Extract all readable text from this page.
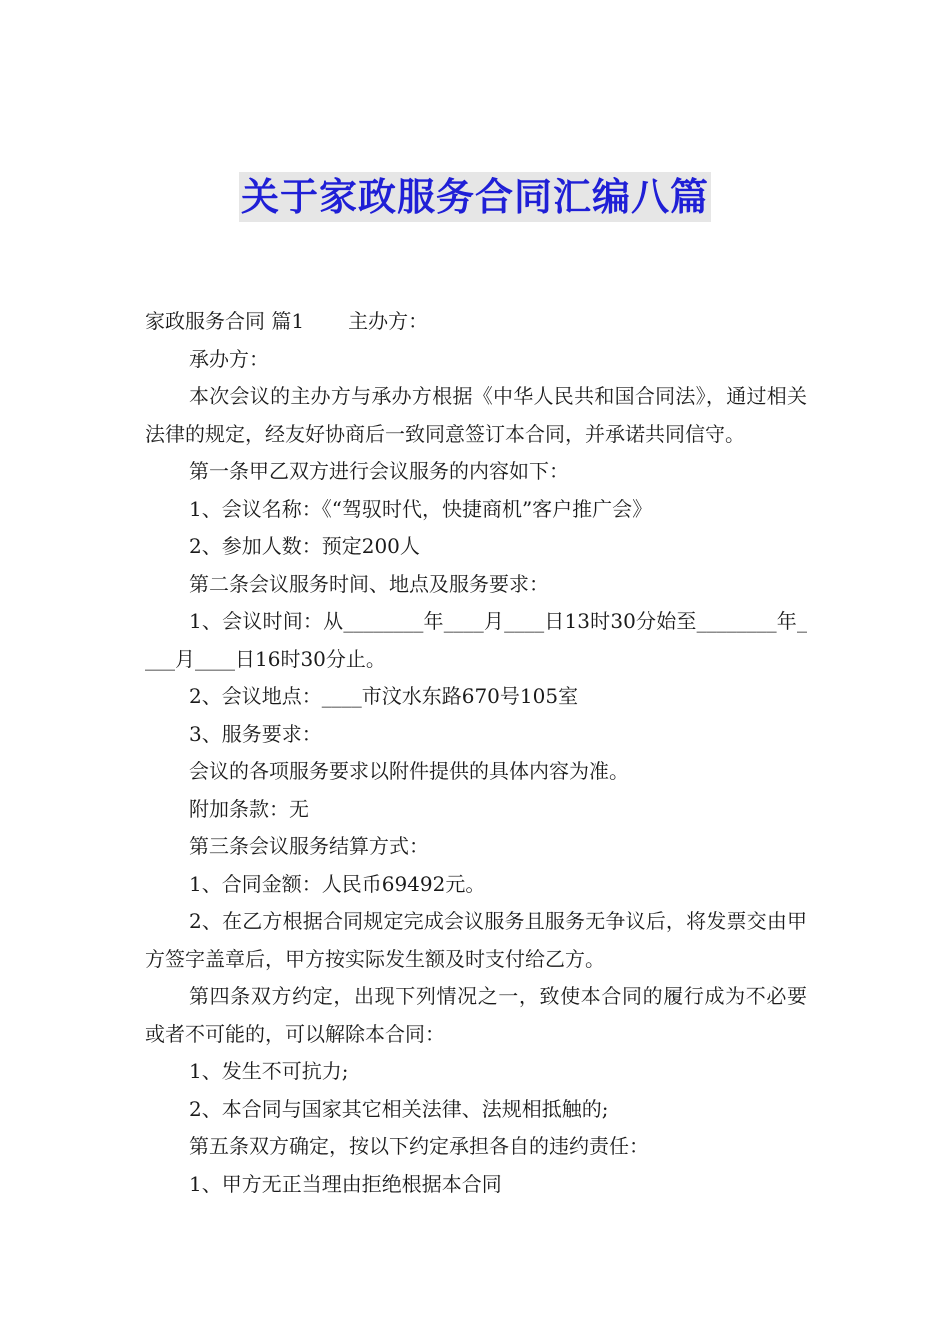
关于家政服务合同汇编八篇

家政服务合同 篇1 主办方：

承办方：

本次会议的主办方与承办方根据《中华人民共和国合同法》，通过相关法律的规定，经友好协商后一致同意签订本合同，并承诺共同信守。

第一条甲乙双方进行会议服务的内容如下：

1、会议名称：《“驾驭时代，快捷商机”客户推广会》

2、参加人数：预定200人

第二条会议服务时间、地点及服务要求：

1、会议时间：从________年____月____日13时30分始至________年____月____日16时30分止。

2、会议地点：____市汶水东路670号105室

3、服务要求：

会议的各项服务要求以附件提供的具体内容为准。

附加条款：无

第三条会议服务结算方式：

1、合同金额：人民币69492元。

2、在乙方根据合同规定完成会议服务且服务无争议后，将发票交由甲方签字盖章后，甲方按实际发生额及时支付给乙方。

第四条双方约定，出现下列情况之一，致使本合同的履行成为不必要或者不可能的，可以解除本合同：

1、发生不可抗力;

2、本合同与国家其它相关法律、法规相抵触的;

第五条双方确定，按以下约定承担各自的违约责任：

1、甲方无正当理由拒绝根据本合同
